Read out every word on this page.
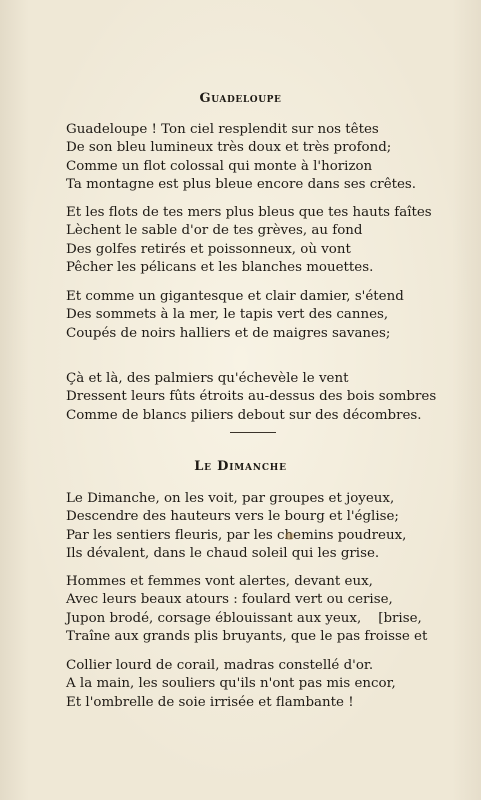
Guadeloupe
Guadeloupe ! Ton ciel resplendit sur nos têtes
De son bleu lumineux très doux et très profond;
Comme un flot colossal qui monte à l'horizon
Ta montagne est plus bleue encore dans ses crêtes.
Et les flots de tes mers plus bleus que tes hauts faîtes
Lèchent le sable d'or de tes grèves, au fond
Des golfes retirés et poissonneux, où vont
Pêcher les pélicans et les blanches mouettes.
Et comme un gigantesque et clair damier, s'étend
Des sommets à la mer, le tapis vert des cannes,
Coupés de noirs halliers et de maigres savanes;
Çà et là, des palmiers qu'échevèle le vent
Dressent leurs fûts étroits au-dessus des bois sombres
Comme de blancs piliers debout sur des décombres.
Le Dimanche
Le Dimanche, on les voit, par groupes et joyeux,
Descendre des hauteurs vers le bourg et l'église;
Par les sentiers fleuris, par les chemins poudreux,
Ils dévalent, dans le chaud soleil qui les grise.
Hommes et femmes vont alertes, devant eux,
Avec leurs beaux atours : foulard vert ou cerise,
Jupon brodé, corsage éblouissant aux yeux,    [brise,
Traîne aux grands plis bruyants, que le pas froisse et
Collier lourd de corail, madras constellé d'or.
A la main, les souliers qu'ils n'ont pas mis encor,
Et l'ombrelle de soie irrisée et flambante !
